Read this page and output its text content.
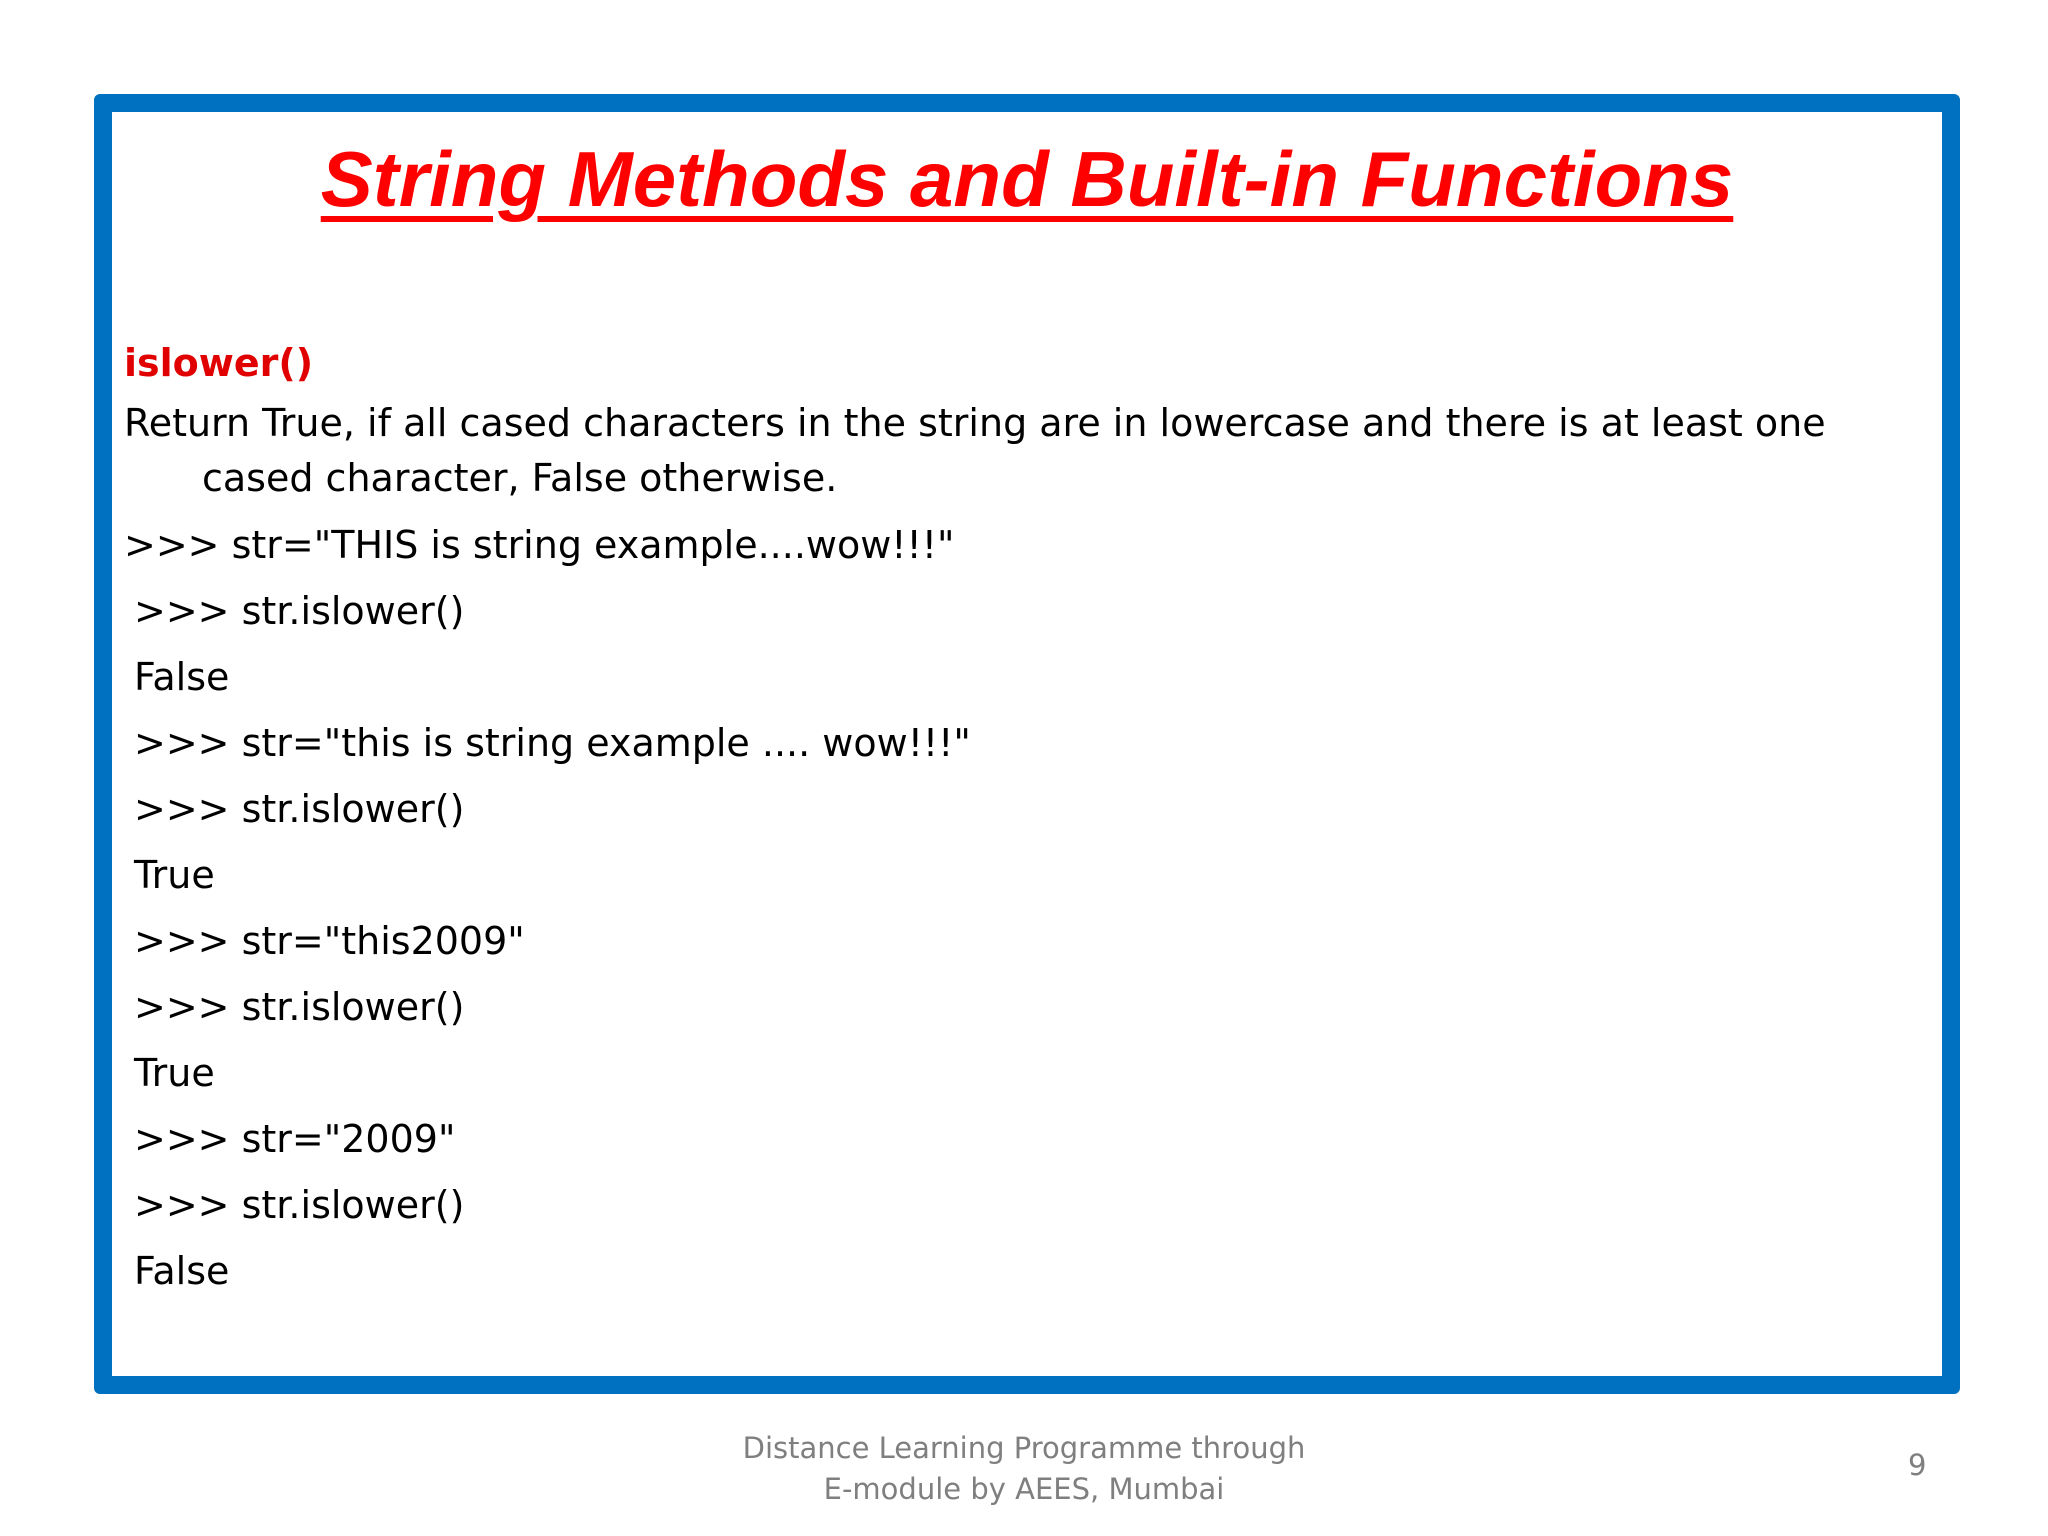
String Methods and Built-in Functions
islower()
Return True, if all cased characters in the string are in lowercase and there is at least one cased character, False otherwise.
>>> str="THIS is string example....wow!!!"
>>> str.islower()
False
>>> str="this is string example .... wow!!!"
>>> str.islower()
True
>>> str="this2009"
>>> str.islower()
True
>>> str="2009"
>>> str.islower()
False
Distance Learning Programme through
E-module by AEES, Mumbai
9
